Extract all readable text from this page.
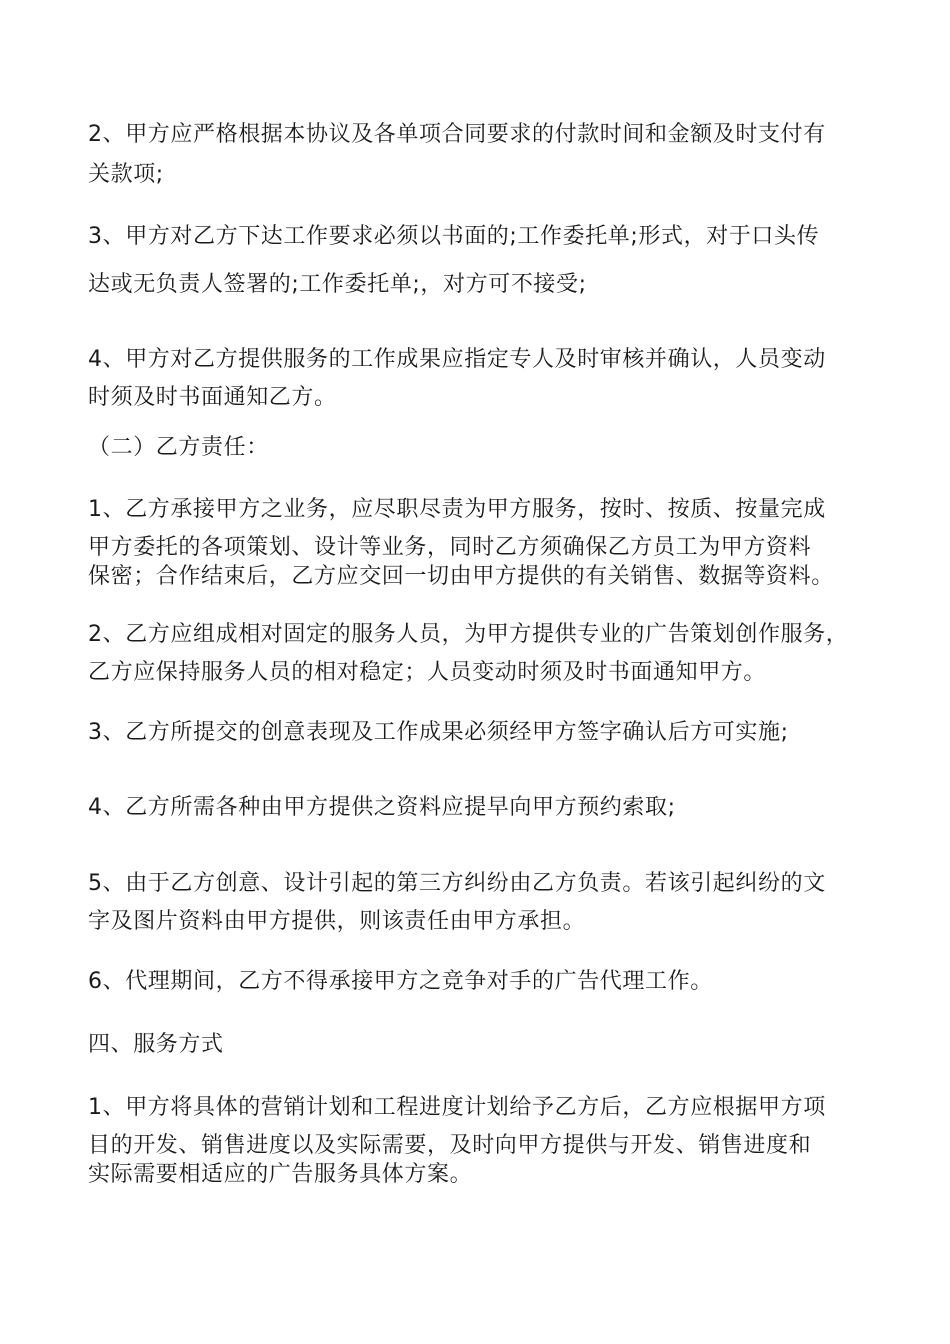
2、甲方应严格根据本协议及各单项合同要求的付款时间和金额及时支付有
关款项;
3、甲方对乙方下达工作要求必须以书面的;工作委托单;形式，对于口头传
达或无负责人签署的;工作委托单;，对方可不接受;
4、甲方对乙方提供服务的工作成果应指定专人及时审核并确认，人员变动
时须及时书面通知乙方。
（二）乙方责任：
1、乙方承接甲方之业务，应尽职尽责为甲方服务，按时、按质、按量完成
甲方委托的各项策划、设计等业务，同时乙方须确保乙方员工为甲方资料
保密；合作结束后，乙方应交回一切由甲方提供的有关销售、数据等资料。
2、乙方应组成相对固定的服务人员，为甲方提供专业的广告策划创作服务，
乙方应保持服务人员的相对稳定；人员变动时须及时书面通知甲方。
3、乙方所提交的创意表现及工作成果必须经甲方签字确认后方可实施;
4、乙方所需各种由甲方提供之资料应提早向甲方预约索取;
5、由于乙方创意、设计引起的第三方纠纷由乙方负责。若该引起纠纷的文
字及图片资料由甲方提供，则该责任由甲方承担。
6、代理期间，乙方不得承接甲方之竞争对手的广告代理工作。
四、服务方式
1、甲方将具体的营销计划和工程进度计划给予乙方后，乙方应根据甲方项
目的开发、销售进度以及实际需要，及时向甲方提供与开发、销售进度和
实际需要相适应的广告服务具体方案。
